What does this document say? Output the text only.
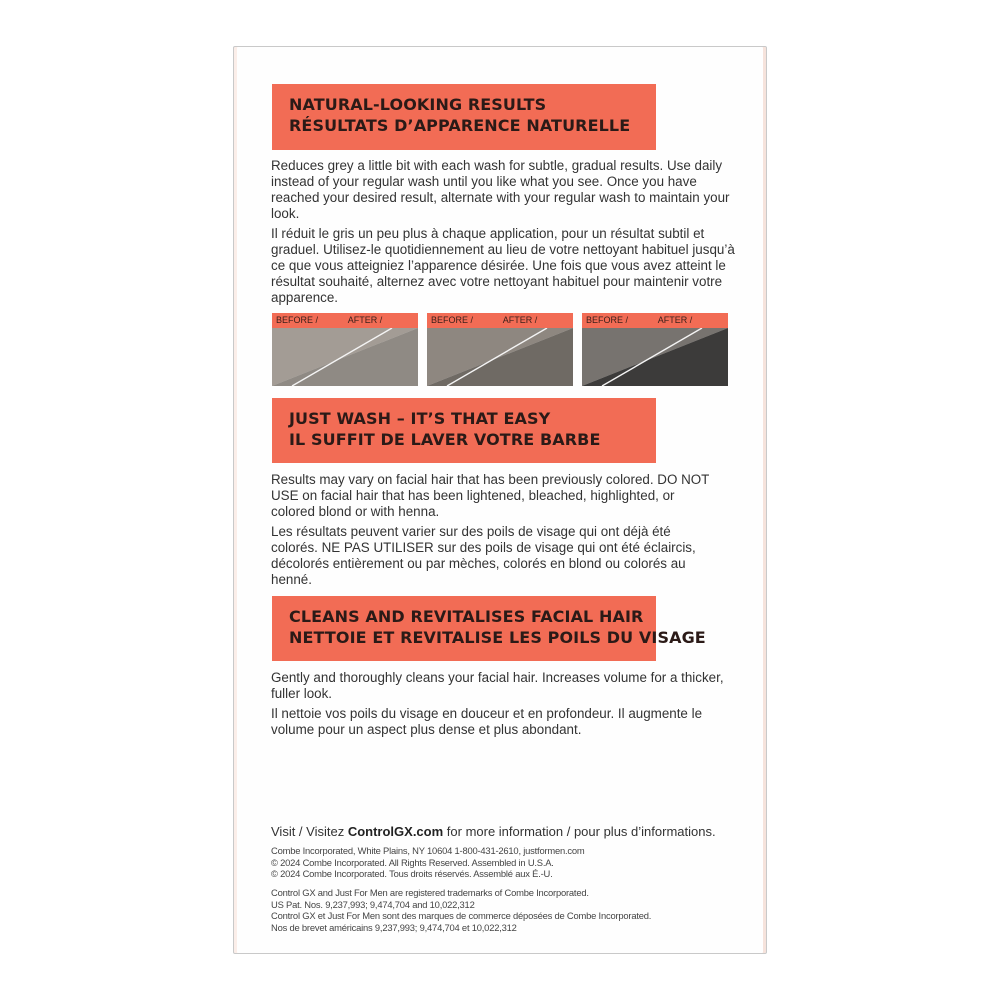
NATURAL-LOOKING RESULTS
RÉSULTATS D’APPARENCE NATURELLE

Reduces grey a little bit with each wash for subtle, gradual results. Use daily instead of your regular wash until you like what you see. Once you have reached your desired result, alternate with your regular wash to maintain your look.

Il réduit le gris un peu plus à chaque application, pour un résultat subtil et graduel. Utilisez-le quotidiennement au lieu de votre nettoyant habituel jusqu’à ce que vous atteigniez l’apparence désirée. Une fois que vous avez atteint le résultat souhaité, alternez avec votre nettoyant habituel pour maintenir votre apparence.

BEFORE /	AFTER /	BEFORE /	AFTER /	BEFORE /	AFTER /
JUST WASH – IT’S THAT EASY
IL SUFFIT DE LAVER VOTRE BARBE

Results may vary on facial hair that has been previously colored. DO NOT USE on facial hair that has been lightened, bleached, highlighted, or colored blond or with henna.

Les résultats peuvent varier sur des poils de visage qui ont déjà été colorés. NE PAS UTILISER sur des poils de visage qui ont été éclaircis, décolorés entièrement ou par mèches, colorés en blond ou colorés au henné.

CLEANS AND REVITALISES FACIAL HAIR
NETTOIE ET REVITALISE LES POILS DU VISAGE

Gently and thoroughly cleans your facial hair. Increases volume for a thicker, fuller look.

Il nettoie vos poils du visage en douceur et en profondeur. Il augmente le volume pour un aspect plus dense et plus abondant.

Visit / Visitez ControlGX.com for more information / pour plus d’informations.
Combe Incorporated, White Plains, NY 10604 1-800-431-2610, justformen.com
© 2024 Combe Incorporated. All Rights Reserved. Assembled in U.S.A.
© 2024 Combe Incorporated. Tous droits réservés. Assemblé aux É.-U.
Control GX and Just For Men are registered trademarks of Combe Incorporated.
US Pat. Nos. 9,237,993; 9,474,704 and 10,022,312
Control GX et Just For Men sont des marques de commerce déposées de Combe Incorporated.
Nos de brevet américains 9,237,993; 9,474,704 et 10,022,312
